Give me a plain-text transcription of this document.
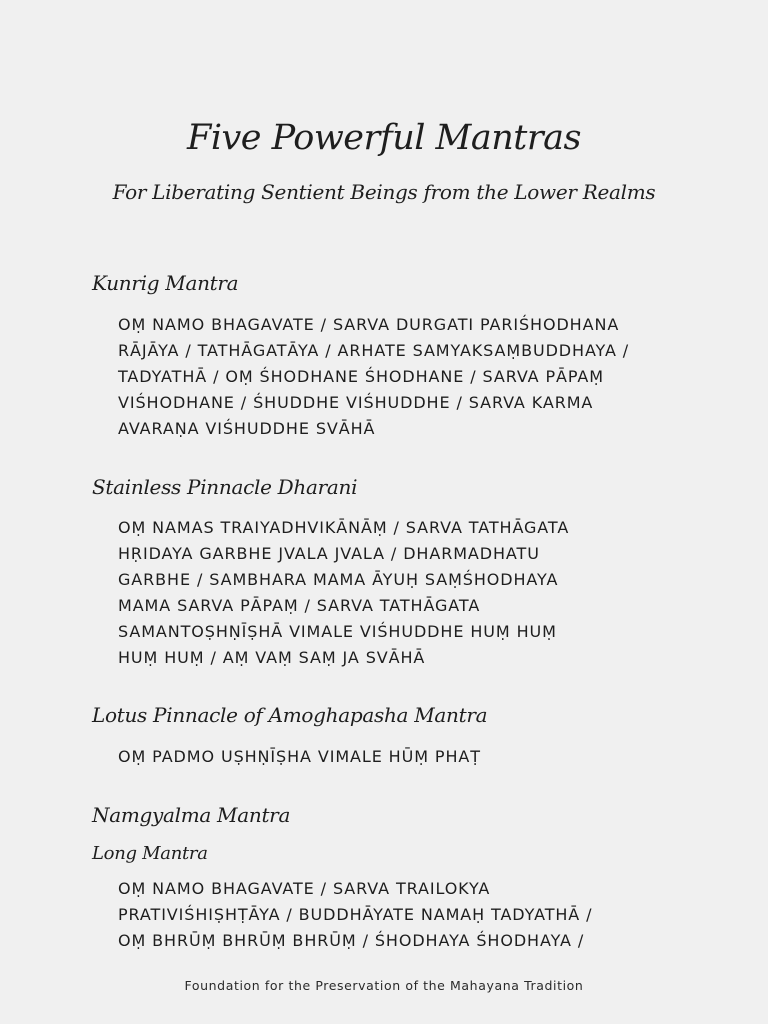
Five Powerful Mantras
For Liberating Sentient Beings from the Lower Realms
Kunrig Mantra
OṂ NAMO BHAGAVATE / SARVA DURGATI PARIŚHODHANA
RĀJĀYA / TATHĀGATĀYA / ARHATE SAMYAKSAṂBUDDHAYA /
TADYATHĀ / OṂ ŚHODHANE ŚHODHANE / SARVA PĀPAṂ
VIŚHODHANE / ŚHUDDHE VIŚHUDDHE / SARVA KARMA
AVARAṆA VIŚHUDDHE SVĀHĀ
Stainless Pinnacle Dharani
OṂ NAMAS TRAIYADHVIKĀNĀṂ / SARVA TATHĀGATA
HṚIDAYA GARBHE JVALA JVALA / DHARMADHATU
GARBHE / SAMBHARA MAMA ĀYUḤ SAṂŚHODHAYA
MAMA SARVA PĀPAṂ / SARVA TATHĀGATA
SAMANTOṢHṆĪṢHĀ VIMALE VIŚHUDDHE HUṂ HUṂ
HUṂ HUṂ / AṂ VAṂ SAṂ JA SVĀHĀ
Lotus Pinnacle of Amoghapasha Mantra
OṂ PADMO UṢHṆĪṢHA VIMALE HŪṂ PHAṬ
Namgyalma Mantra
Long Mantra
OṂ NAMO BHAGAVATE / SARVA TRAILOKYA
PRATIVIŚHIṢHṬĀYA / BUDDHĀYATE NAMAḤ TADYATHĀ /
OṂ BHRŪṂ BHRŪṂ BHRŪṂ / ŚHODHAYA ŚHODHAYA /
Foundation for the Preservation of the Mahayana Tradition
